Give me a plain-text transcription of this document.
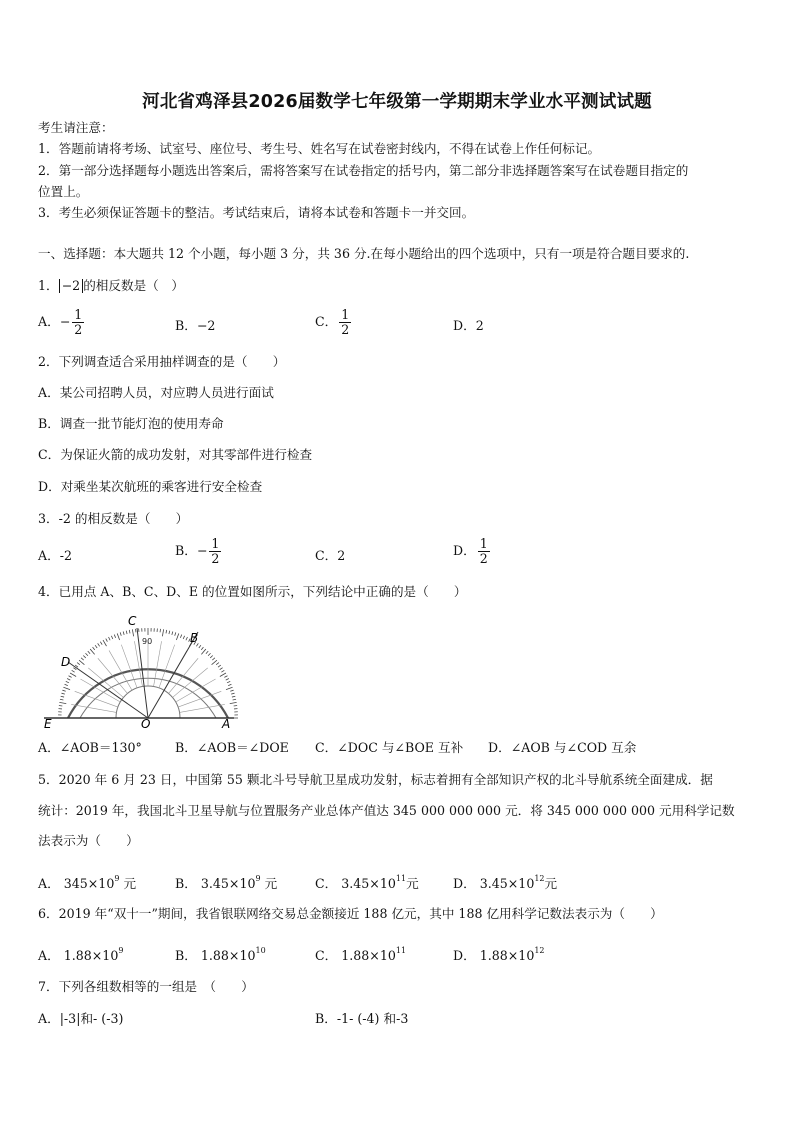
河北省鸡泽县2026届数学七年级第一学期期末学业水平测试试题
考生请注意：
1．答题前请将考场、试室号、座位号、考生号、姓名写在试卷密封线内，不得在试卷上作任何标记。
2．第一部分选择题每小题选出答案后，需将答案写在试卷指定的括号内，第二部分非选择题答案写在试卷题目指定的
位置上。
3．考生必须保证答题卡的整洁。考试结束后，请将本试卷和答题卡一并交回。
一、选择题：本大题共 12 个小题，每小题 3 分，共 36 分.在每小题给出的四个选项中，只有一项是符合题目要求的.
1． −2 的相反数是（　）
A．− $\frac{1}{2}$	B．−2	C． $\frac{1}{2}$	D．2
2．下列调查适合采用抽样调查的是（　　）
A．某公司招聘人员，对应聘人员进行面试
B．调查一批节能灯泡的使用寿命
C．为保证火箭的成功发射，对其零部件进行检查
D．对乘坐某次航班的乘客进行安全检查
3．-2 的相反数是（　　）
A．-2	B．− $\frac{1}{2}$	C．2	D． $\frac{1}{2}$
4．已用点 A、B、C、D、E 的位置如图所示，下列结论中正确的是（　　）
90
E	O	A
B
C
D
A．∠AOB＝130°	B．∠AOB＝∠DOE C．∠DOC 与∠BOE 互补 D．∠AOB 与∠COD 互余
5．2020 年 6 月 23 日，中国第 55 颗北斗号导航卫星成功发射，标志着拥有全部知识产权的北斗导航系统全面建成．据
统计：2019 年，我国北斗卫星导航与位置服务产业总体产值达 345 000 000 000 元．将 345 000 000 000 元用科学记数
法表示为（　　）
A． $345\times 10^9$ 元	B． $3.45\times 10^9$ 元	C． $3.45\times 10^{11}$元	D． $3.45\times 10^{12}$元
6．2019 年“双十一”期间，我省银联网络交易总金额接近 188 亿元，其中 188 亿用科学记数法表示为（　　）
A． $1.88\times 10^9$	B． $1.88\times 10^{10}$	C． $1.88\times 10^{11}$	D． $1.88\times 10^{12}$
7．下列各组数相等的一组是　（　　）
A．|-3|和- (-3)	B．-1- (-4) 和-3
